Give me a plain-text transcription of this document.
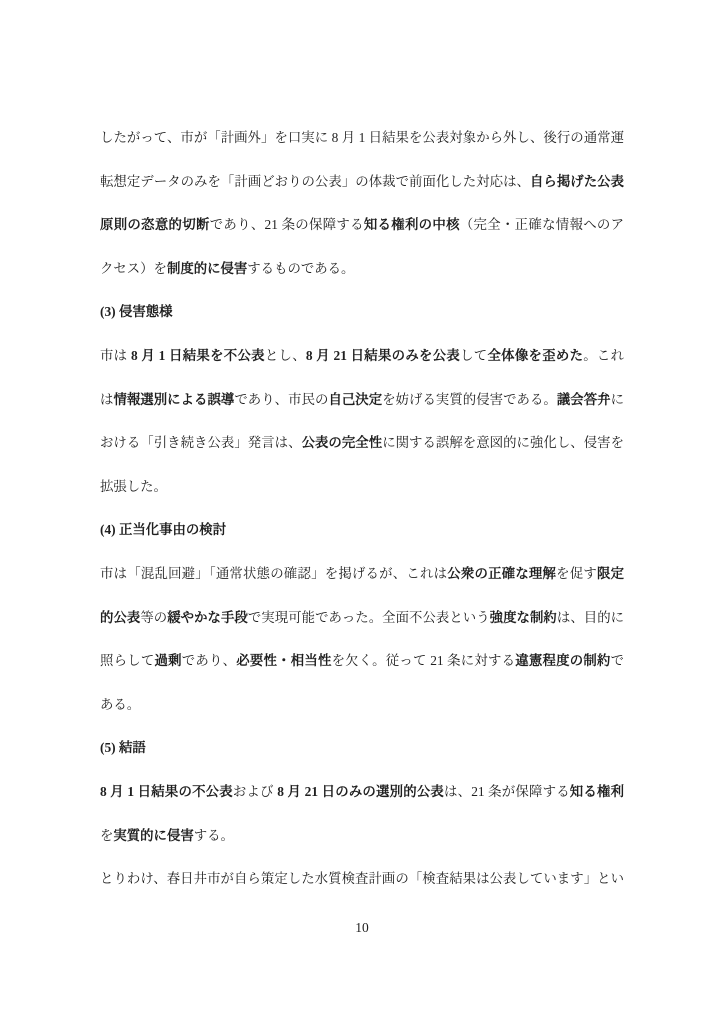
したがって、市が「計画外」を口実に 8 月 1 日結果を公表対象から外し、後行の通常運
転想定データのみを「計画どおりの公表」の体裁で前面化した対応は、自ら掲げた公表
原則の恣意的切断であり、21 条の保障する知る権利の中核（完全・正確な情報へのア
クセス）を制度的に侵害するものである。
(3) 侵害態様
市は 8 月 1 日結果を不公表とし、8 月 21 日結果のみを公表して全体像を歪めた。これ
は情報選別による誤導であり、市民の自己決定を妨げる実質的侵害である。議会答弁に
おける「引き続き公表」発言は、公表の完全性に関する誤解を意図的に強化し、侵害を
拡張した。
(4) 正当化事由の検討
市は「混乱回避」「通常状態の確認」を掲げるが、これは公衆の正確な理解を促す限定
的公表等の緩やかな手段で実現可能であった。全面不公表という強度な制約は、目的に
照らして過剰であり、必要性・相当性を欠く。従って 21 条に対する違憲程度の制約で
ある。
(5) 結語
8 月 1 日結果の不公表および 8 月 21 日のみの選別的公表は、21 条が保障する知る権利
を実質的に侵害する。
とりわけ、春日井市が自ら策定した水質検査計画の「検査結果は公表しています」とい
10
